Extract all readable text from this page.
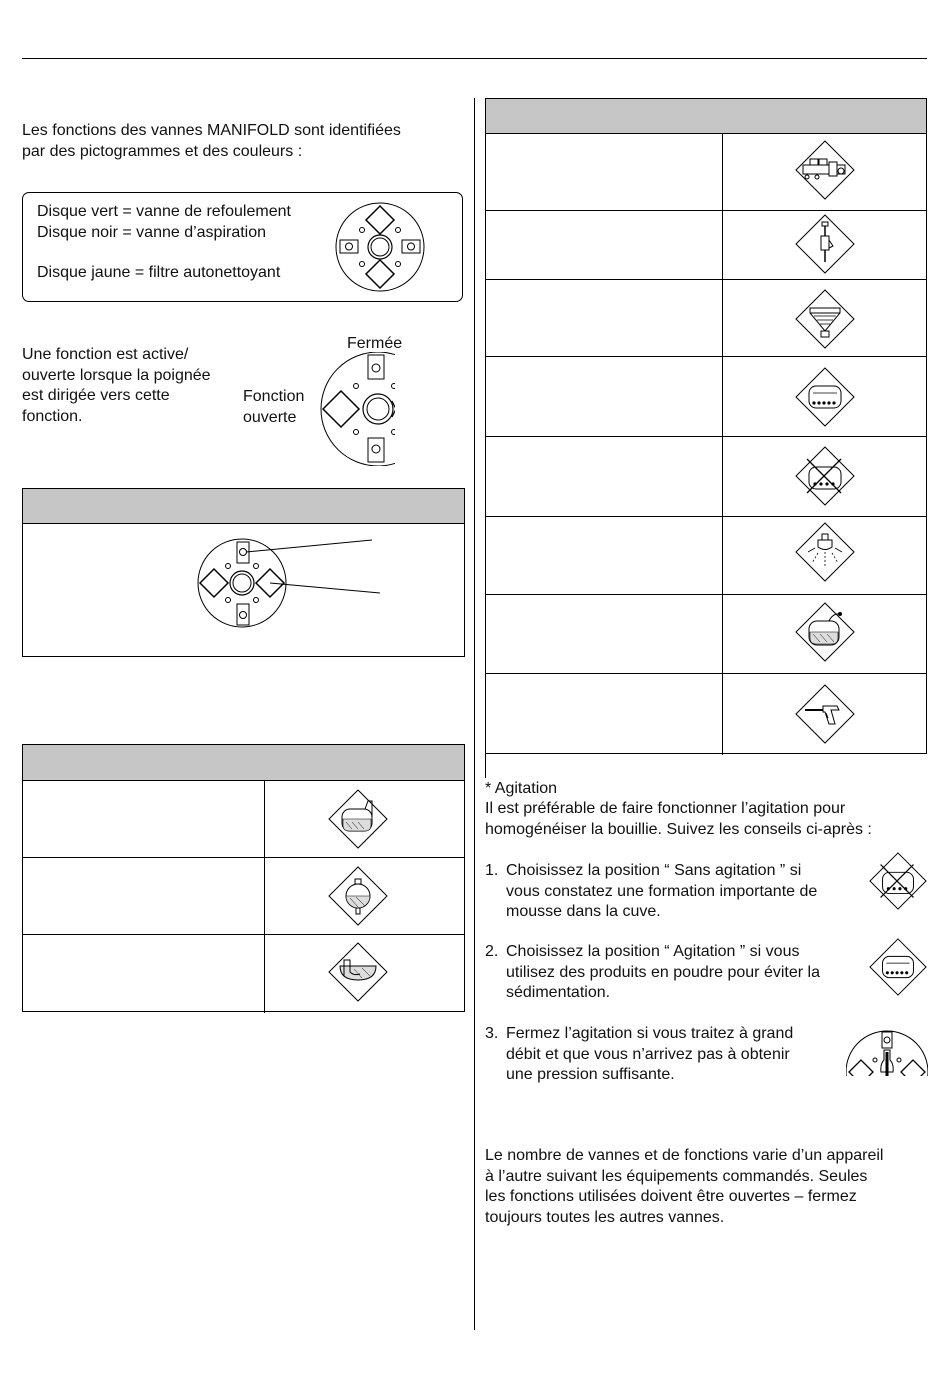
Les fonctions des vannes MANIFOLD sont identifiées
par des pictogrammes et des couleurs :
Disque vert = vanne de refoulement
Disque noir = vanne d’aspiration
Disque jaune = filtre autonettoyant
Une fonction est active/
ouverte lorsque la poignée
est dirigée vers cette
fonction.
Fermée
Fonction
ouverte
* Agitation
Il est préférable de faire fonctionner l’agitation pour
homogénéiser la bouillie. Suivez les conseils ci-après :
1. Choisissez la position “ Sans agitation ” si
vous constatez une formation importante de
mousse dans la cuve.
2. Choisissez la position “ Agitation ” si vous
utilisez des produits en poudre pour éviter la
sédimentation.
3. Fermez l’agitation si vous traitez à grand
débit et que vous n’arrivez pas à obtenir
une pression suffisante.
Le nombre de vannes et de fonctions varie d’un appareil
à l’autre suivant les équipements commandés. Seules
les fonctions utilisées doivent être ouvertes – fermez
toujours toutes les autres vannes.
